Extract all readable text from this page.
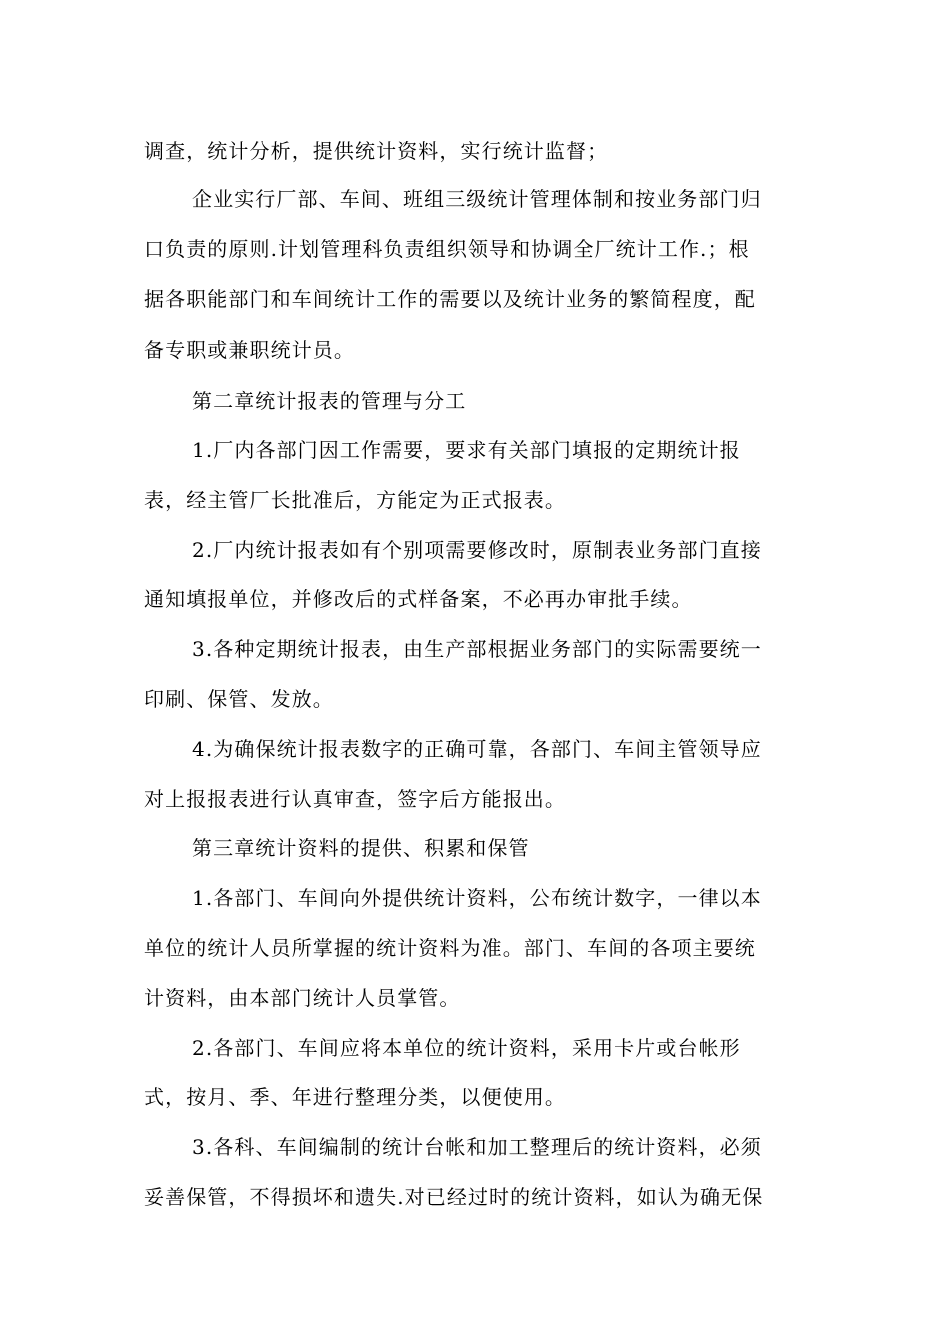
调查，统计分析，提供统计资料，实行统计监督；
企业实行厂部、车间、班组三级统计管理体制和按业务部门归
口负责的原则.计划管理科负责组织领导和协调全厂统计工作.；根
据各职能部门和车间统计工作的需要以及统计业务的繁简程度，配
备专职或兼职统计员。
第二章统计报表的管理与分工
1.厂内各部门因工作需要，要求有关部门填报的定期统计报
表，经主管厂长批准后，方能定为正式报表。
2.厂内统计报表如有个别项需要修改时，原制表业务部门直接
通知填报单位，并修改后的式样备案，不必再办审批手续。
3.各种定期统计报表，由生产部根据业务部门的实际需要统一
印刷、保管、发放。
4.为确保统计报表数字的正确可靠，各部门、车间主管领导应
对上报报表进行认真审查，签字后方能报出。
第三章统计资料的提供、积累和保管
1.各部门、车间向外提供统计资料，公布统计数字，一律以本
单位的统计人员所掌握的统计资料为准。部门、车间的各项主要统
计资料，由本部门统计人员掌管。
2.各部门、车间应将本单位的统计资料，采用卡片或台帐形
式，按月、季、年进行整理分类，以便使用。
3.各科、车间编制的统计台帐和加工整理后的统计资料，必须
妥善保管，不得损坏和遗失.对已经过时的统计资料，如认为确无保
